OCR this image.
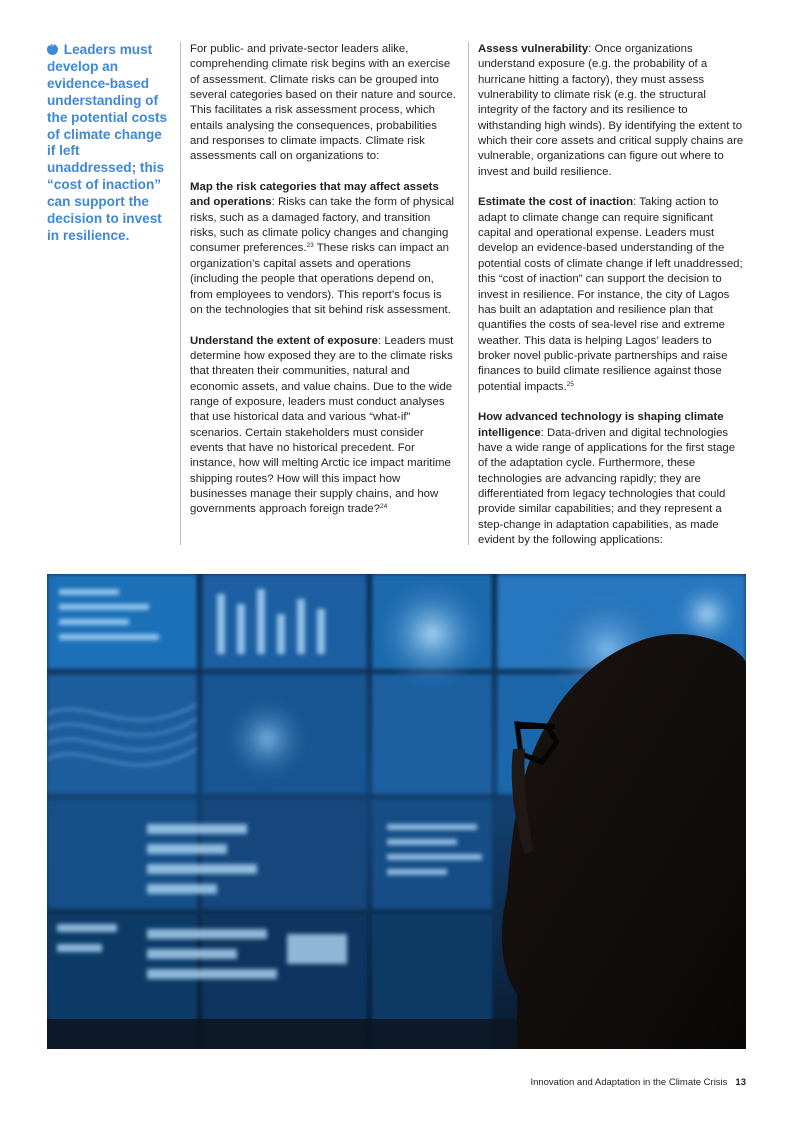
“ Leaders must develop an evidence-based understanding of the potential costs of climate change if left unaddressed; this “cost of inaction” can support the decision to invest in resilience.

For public- and private-sector leaders alike, comprehending climate risk begins with an exercise of assessment. Climate risks can be grouped into several categories based on their nature and source. This facilitates a risk assessment process, which entails analysing the consequences, probabilities and responses to climate impacts. Climate risk assessments call on organizations to:

Map the risk categories that may affect assets and operations: Risks can take the form of physical risks, such as a damaged factory, and transition risks, such as climate policy changes and changing consumer preferences.$^{23}$ These risks can impact an organization’s capital assets and operations (including the people that operations depend on, from employees to vendors). This report’s focus is on the technologies that sit behind risk assessment.

Understand the extent of exposure: Leaders must determine how exposed they are to the climate risks that threaten their communities, natural and economic assets, and value chains. Due to the wide range of exposure, leaders must conduct analyses that use historical data and various “what-if” scenarios. Certain stakeholders must consider events that have no historical precedent. For instance, how will melting Arctic ice impact maritime shipping routes? How will this impact how businesses manage their supply chains, and how governments approach foreign trade?$^{24}$

Assess vulnerability: Once organizations understand exposure (e.g. the probability of a hurricane hitting a factory), they must assess vulnerability to climate risk (e.g. the structural integrity of the factory and its resilience to withstanding high winds). By identifying the extent to which their core assets and critical supply chains are vulnerable, organizations can figure out where to invest and build resilience.

Estimate the cost of inaction: Taking action to adapt to climate change can require significant capital and operational expense. Leaders must develop an evidence-based understanding of the potential costs of climate change if left unaddressed; this “cost of inaction” can support the decision to invest in resilience. For instance, the city of Lagos has built an adaptation and resilience plan that quantifies the costs of sea-level rise and extreme weather. This data is helping Lagos’ leaders to broker novel public-private partnerships and raise finances to build climate resilience against those potential impacts.$^{25}$

How advanced technology is shaping climate intelligence: Data-driven and digital technologies have a wide range of applications for the first stage of the adaptation cycle. Furthermore, these technologies are advancing rapidly; they are differentiated from legacy technologies that could provide similar capabilities; and they represent a step-change in adaptation capabilities, as made evident by the following applications:

Innovation and Adaptation in the Climate Crisis 13
